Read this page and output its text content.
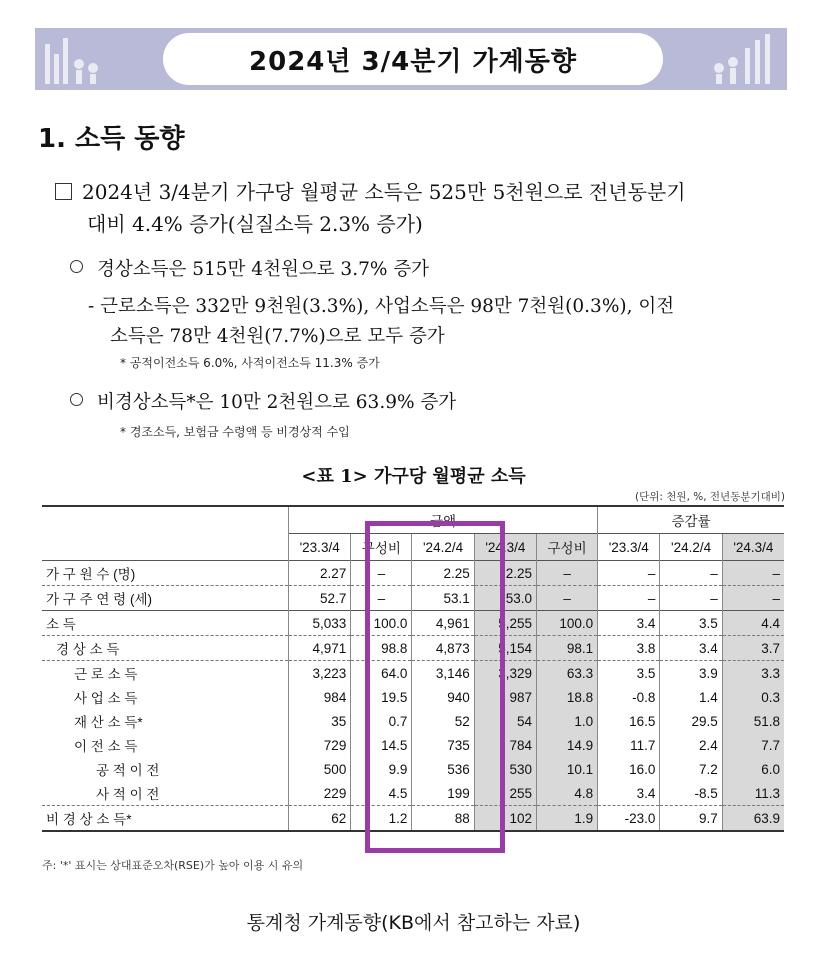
2024년 3/4분기 가계동향
1. 소득 동향
2024년 3/4분기 가구당 월평균 소득은 525만 5천원으로 전년동분기
대비 4.4% 증가(실질소득 2.3% 증가)
경상소득은 515만 4천원으로 3.7% 증가
- 근로소득은 332만 9천원(3.3%), 사업소득은 98만 7천원(0.3%), 이전
소득은 78만 4천원(7.7%)으로 모두 증가
* 공적이전소득 6.0%, 사적이전소득 11.3% 증가
비경상소득*은 10만 2천원으로 63.9% 증가
* 경조소득, 보험금 수령액 등 비경상적 수입
<표 1> 가구당 월평균 소득
(단위: 천원, %, 전년동분기대비)
	금액					증감률		
	'23.3/4	구성비	'24.2/4	'24.3/4	구성비	'23.3/4	'24.2/4	'24.3/4
가 구 원 수 (명)	2.27	–	2.25	2.25	–	–	–	–
가 구 주 연 령 (세)	52.7	–	53.1	53.0	–	–	–	–
소 득	5,033	100.0	4,961	5,255	100.0	3.4	3.5	4.4
경 상 소 득	4,971	98.8	4,873	5,154	98.1	3.8	3.4	3.7
근 로 소 득	3,223	64.0	3,146	3,329	63.3	3.5	3.9	3.3
사 업 소 득	984	19.5	940	987	18.8	-0.8	1.4	0.3
재 산 소 득*	35	0.7	52	54	1.0	16.5	29.5	51.8
이 전 소 득	729	14.5	735	784	14.9	11.7	2.4	7.7
공 적 이 전	500	9.9	536	530	10.1	16.0	7.2	6.0
사 적 이 전	229	4.5	199	255	4.8	3.4	-8.5	11.3
비 경 상 소 득*	62	1.2	88	102	1.9	-23.0	9.7	63.9
주: '*' 표시는 상대표준오차(RSE)가 높아 이용 시 유의
통계청 가계동향(KB에서 참고하는 자료)
